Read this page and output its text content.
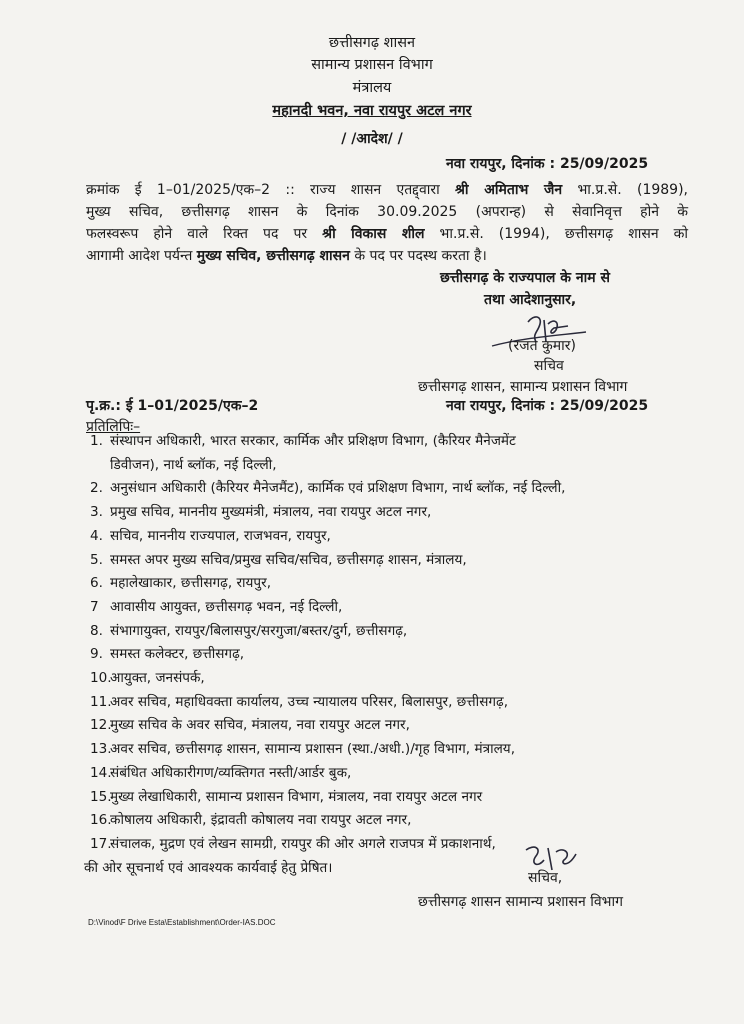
छत्तीसगढ़ शासन
सामान्य प्रशासन विभाग
मंत्रालय
महानदी भवन, नवा रायपुर अटल नगर
/ /आदेश/ /
नवा रायपुर, दिनांक : 25/09/2025
क्रमांक ई 1–01/2025/एक–2 :: राज्य शासन एतद्द्वारा श्री अमिताभ जैन भा.प्र.से. (1989),
मुख्य सचिव, छत्तीसगढ़ शासन के दिनांक 30.09.2025 (अपरान्ह) से सेवानिवृत्त होने के
फलस्वरूप होने वाले रिक्त पद पर श्री विकास शील भा.प्र.से. (1994), छत्तीसगढ़ शासन को
आगामी आदेश पर्यन्त मुख्य सचिव, छत्तीसगढ़ शासन के पद पर पदस्थ करता है।
छत्तीसगढ़ के राज्यपाल के नाम से
तथा आदेशानुसार,
(रजत कुमार)
सचिव
छत्तीसगढ़ शासन, सामान्य प्रशासन विभाग
पृ.क्र.: ई 1–01/2025/एक–2	नवा रायपुर, दिनांक : 25/09/2025
प्रतिलिपिः–
1. संस्थापन अधिकारी, भारत सरकार, कार्मिक और प्रशिक्षण विभाग, (कैरियर मैनेजमेंट
डिवीजन), नार्थ ब्लॉक, नई दिल्ली,
2. अनुसंधान अधिकारी (कैरियर मैनेजमैंट), कार्मिक एवं प्रशिक्षण विभाग, नार्थ ब्लॉक, नई दिल्ली,
3. प्रमुख सचिव, माननीय मुख्यमंत्री, मंत्रालय, नवा रायपुर अटल नगर,
4. सचिव, माननीय राज्यपाल, राजभवन, रायपुर,
5. समस्त अपर मुख्य सचिव/प्रमुख सचिव/सचिव, छत्तीसगढ़ शासन, मंत्रालय,
6. महालेखाकार, छत्तीसगढ़, रायपुर,
7 आवासीय आयुक्त, छत्तीसगढ़ भवन, नई दिल्ली,
8. संभागायुक्त, रायपुर/बिलासपुर/सरगुजा/बस्तर/दुर्ग, छत्तीसगढ़,
9. समस्त कलेक्टर, छत्तीसगढ़,
10.आयुक्त, जनसंपर्क,
11.अवर सचिव, महाधिवक्ता कार्यालय, उच्च न्यायालय परिसर, बिलासपुर, छत्तीसगढ़,
12.मुख्य सचिव के अवर सचिव, मंत्रालय, नवा रायपुर अटल नगर,
13.अवर सचिव, छत्तीसगढ़ शासन, सामान्य प्रशासन (स्था./अधी.)/गृह विभाग, मंत्रालय,
14.संबंधित अधिकारीगण/व्यक्तिगत नस्ती/आर्डर बुक,
15.मुख्य लेखाधिकारी, सामान्य प्रशासन विभाग, मंत्रालय, नवा रायपुर अटल नगर
16.कोषालय अधिकारी, इंद्रावती कोषालय नवा रायपुर अटल नगर,
17.संचालक, मुद्रण एवं लेखन सामग्री, रायपुर की ओर अगले राजपत्र में प्रकाशनार्थ,
की ओर सूचनार्थ एवं आवश्यक कार्यवाई हेतु प्रेषित।
सचिव,
छत्तीसगढ़ शासन सामान्य प्रशासन विभाग
D:\Vinod\F Drive Esta\Establishment\Order-IAS.DOC
